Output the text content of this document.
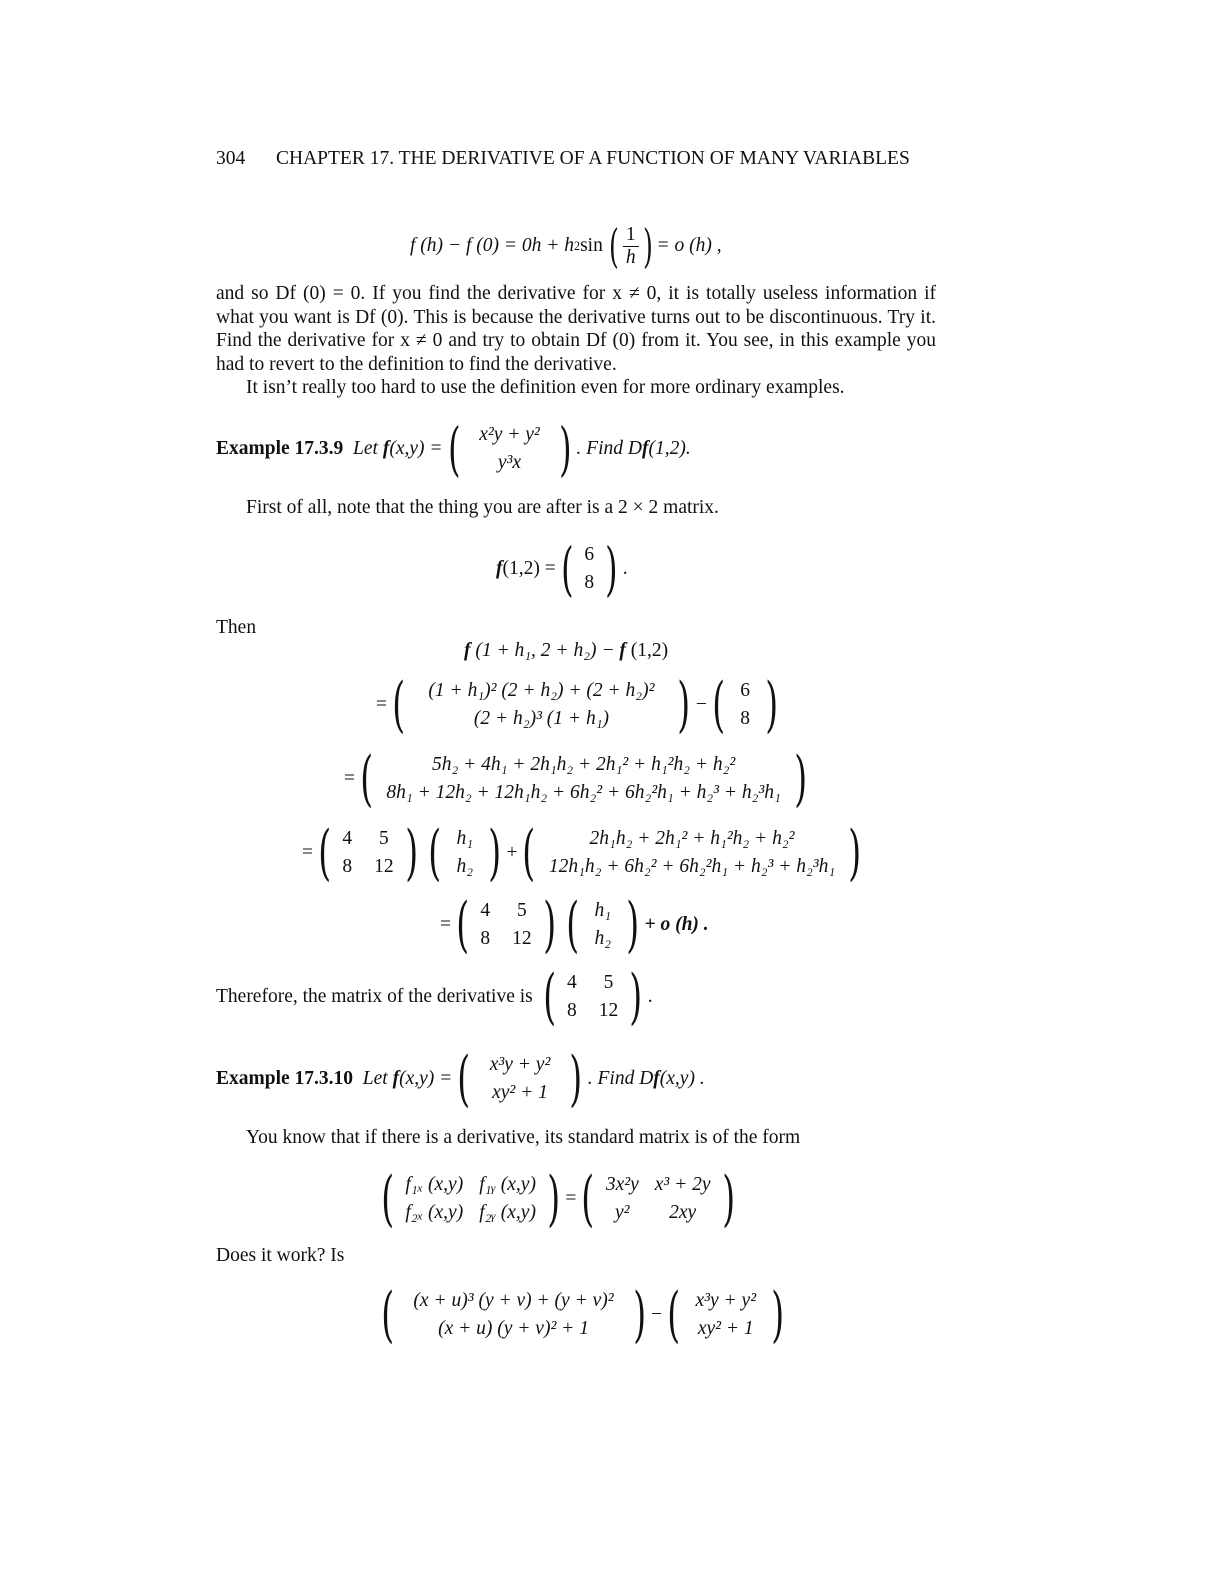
304 CHAPTER 17. THE DERIVATIVE OF A FUNCTION OF MANY VARIABLES
f (h) − f (0) = 0h + h 2 sin ( $\frac{1}{h}$ ) = o (h) ,
and so Df (0) = 0. If you find the derivative for x ≠ 0, it is totally useless information if what you want is Df (0). This is because the derivative turns out to be discontinuous. Try it. Find the derivative for x ≠ 0 and try to obtain Df (0) from it. You see, in this example you had to revert to the definition to find the derivative.
It isn’t really too hard to use the definition even for more ordinary examples.
Example 17.3.9
Let
f (x,y) = ( x²y + y²
y³x ) . Find D f (1,2).
First of all, note that the thing you are after is a 2 × 2 matrix.
f (1,2) = ( 6
8 ) .
Then
f (1 + h₁, 2 + h₂) − f (1,2)
= ( (1 + h₁)² (2 + h₂) + (2 + h₂)²
(2 + h₂)³ (1 + h₁) ) − ( 6
8 )
= (	5h₂ + 4h₁ + 2h₁h₂ + 2h₁² + h₁²h₂ + h₂²
8h₁ + 12h₂ + 12h₁h₂ + 6h₂² + 6h₂²h₁ + h₂³ + h₂³h₁ )
= ( 4 5
8 12 ) ( h₁
h₂ ) + (	2h₁h₂ + 2h₁² + h₁²h₂ + h₂²
12h₁h₂ + 6h₂² + 6h₂²h₁ + h₂³ + h₂³h₁ )
= ( 4 5
8 12 ) ( h₁
h₂ ) + o (h) .
Therefore, the matrix of the derivative is
( 4 5
8 12 ) .
Example 17.3.10
Let
f (x,y) = ( x³y + y²
xy² + 1 ) . Find D f (x,y) .
You know that if there is a derivative, its standard matrix is of the form
( f₁ₓ (x,y) f₁ᵧ (x,y)
f₂ₓ (x,y) f₂ᵧ (x,y) ) = ( 3x²y x³ + 2y
y²	2xy )
Does it work? Is
( (x + u)³ (y + v) + (y + v)²
(x + u) (y + v)² + 1 ) − ( x³y + y²
xy² + 1 )
